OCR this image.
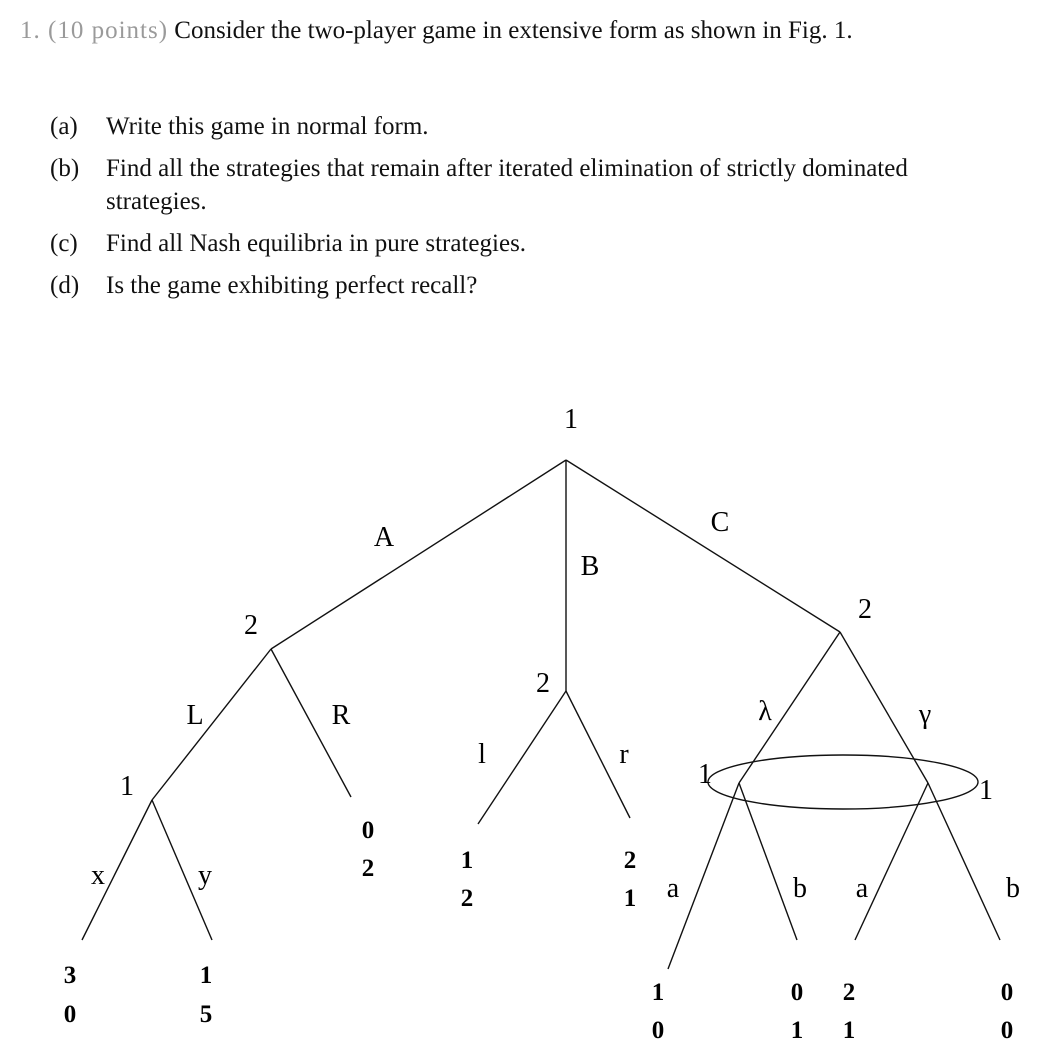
1. (10 points) Consider the two-player game in extensive form as shown in Fig. 1.
(a) Write this game in normal form.
(b) Find all the strategies that remain after iterated elimination of strictly dominated strategies.
(c) Find all Nash equilibria in pure strategies.
(d) Is the game exhibiting perfect recall?
1
2
2
2
1	1
1
A
B
C
L	R
x	y
l	r
λ	γ
a	b a	b
3
0
1
5
0
2	1
2
2
1
1
0
0
1
2
1
0
0
